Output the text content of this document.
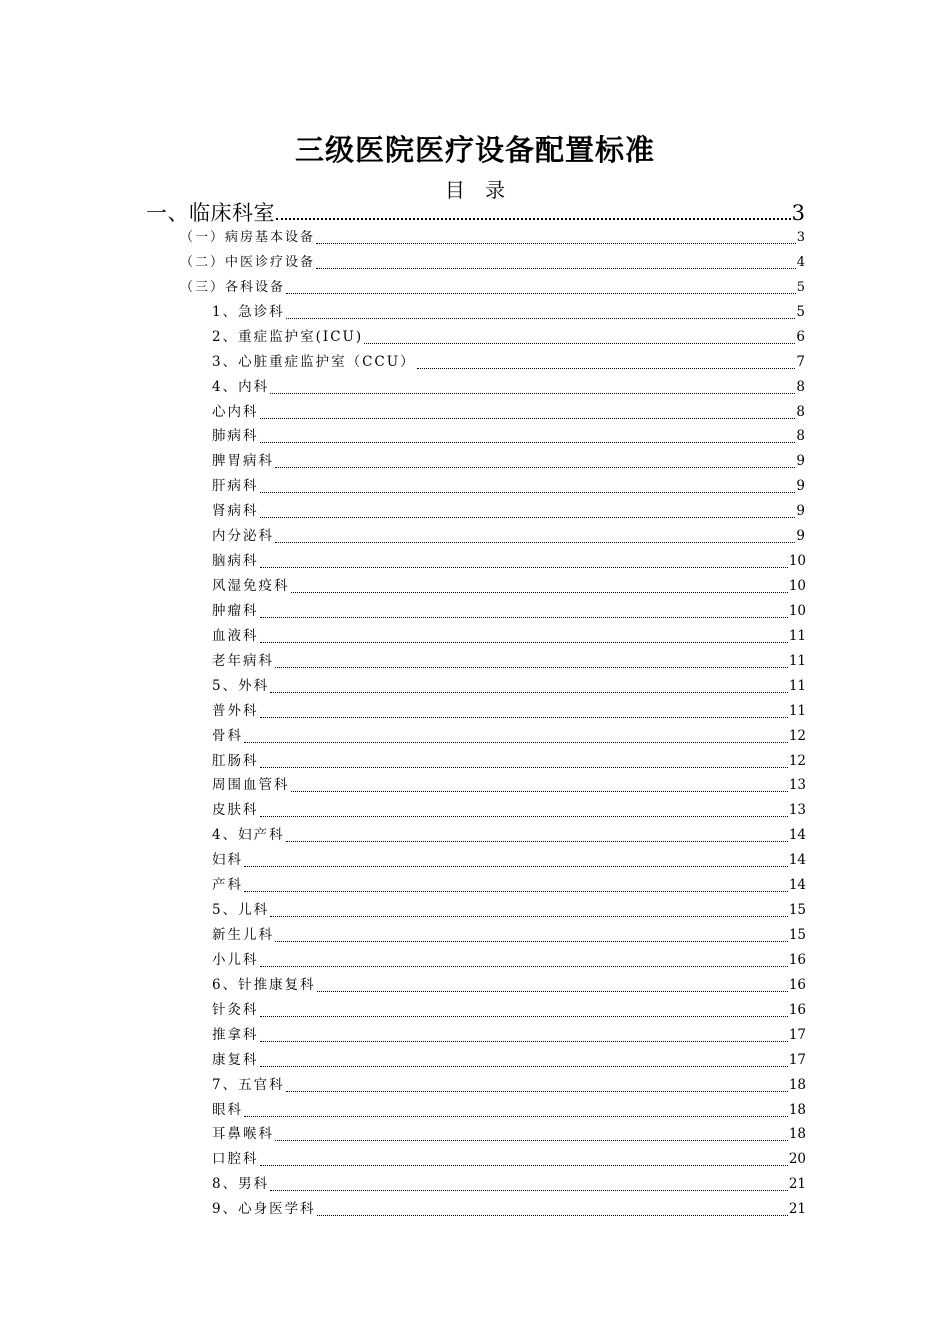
三级医院医疗设备配置标准
目 录
一、临床科室	3
（一）病房基本设备	3
（二）中医诊疗设备	4
（三）各科设备	5
1、急诊科	5
2、重症监护室(ICU)	6
3、心脏重症监护室（CCU）	7
4、内科	8
心内科	8
肺病科	8
脾胃病科	9
肝病科	9
肾病科	9
内分泌科	9
脑病科	10
风湿免疫科	10
肿瘤科	10
血液科	11
老年病科	11
5、外科	11
普外科	11
骨科	12
肛肠科	12
周围血管科	13
皮肤科	13
4、妇产科	14
妇科	14
产科	14
5、儿科	15
新生儿科	15
小儿科	16
6、针推康复科	16
针灸科	16
推拿科	17
康复科	17
7、五官科	18
眼科	18
耳鼻喉科	18
口腔科	20
8、男科	21
9、心身医学科	21
